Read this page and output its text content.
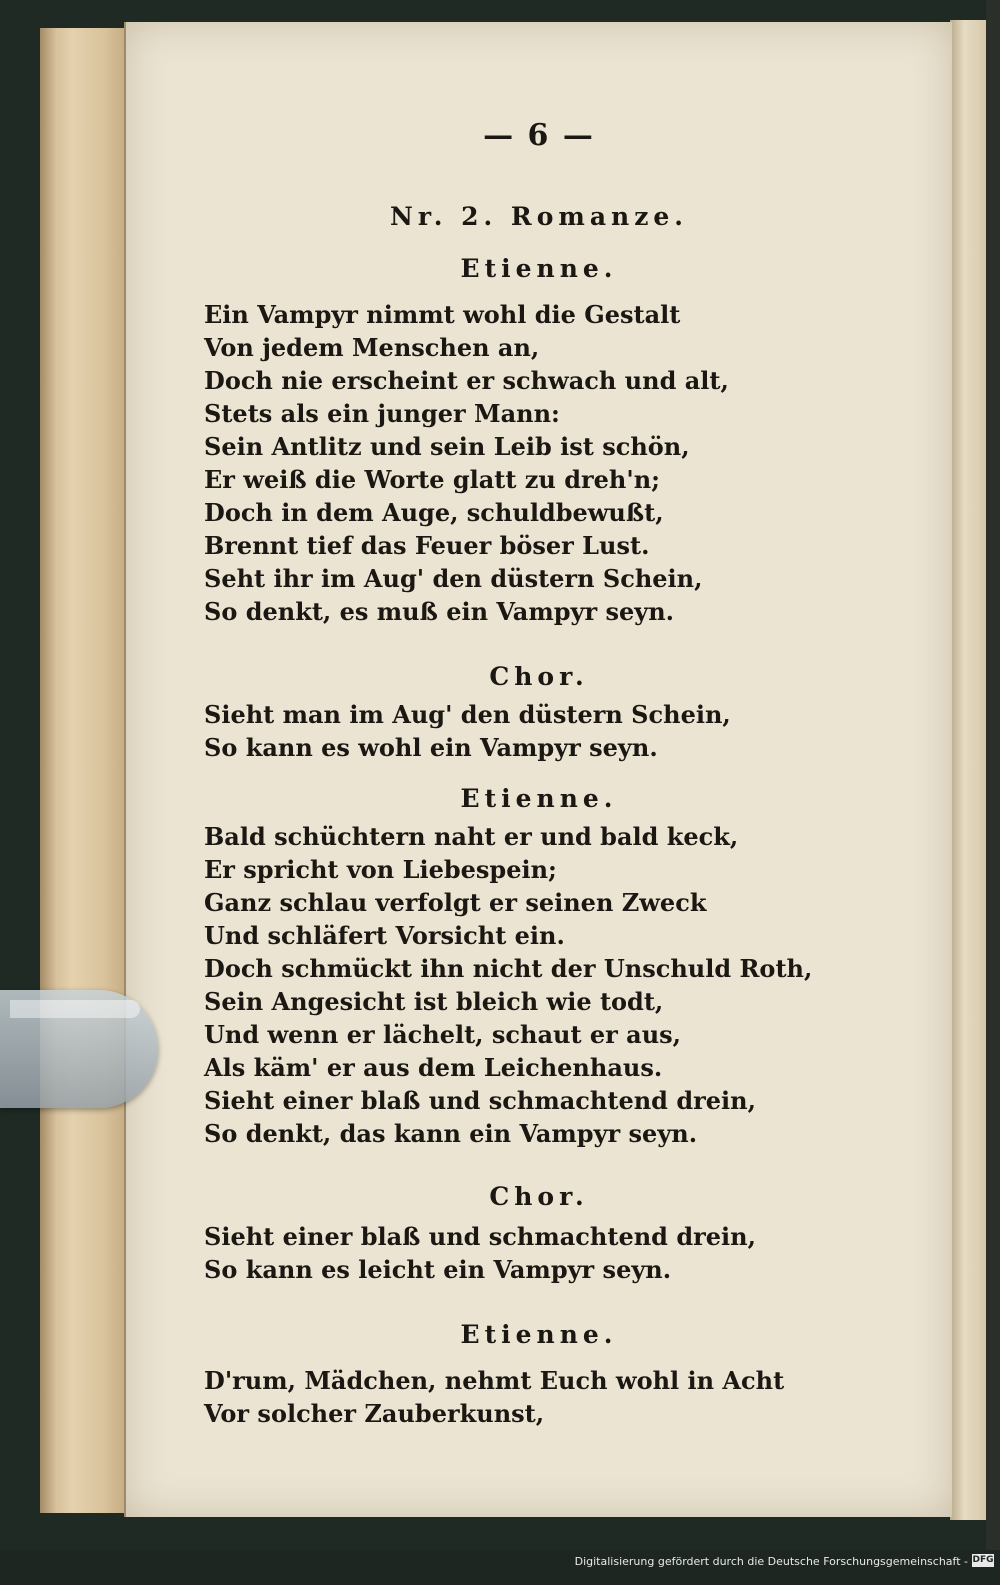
— 6 —
Nr. 2. Romanze.
Etienne.
Ein Vampyr nimmt wohl die Gestalt
Von jedem Menschen an,
Doch nie erscheint er schwach und alt,
Stets als ein junger Mann:
Sein Antlitz und sein Leib ist schön,
Er weiß die Worte glatt zu dreh'n;
Doch in dem Auge, schuldbewußt,
Brennt tief das Feuer böser Lust.
Seht ihr im Aug' den düstern Schein,
So denkt, es muß ein Vampyr seyn.
Chor.
Sieht man im Aug' den düstern Schein,
So kann es wohl ein Vampyr seyn.
Etienne.
Bald schüchtern naht er und bald keck,
Er spricht von Liebespein;
Ganz schlau verfolgt er seinen Zweck
Und schläfert Vorsicht ein.
Doch schmückt ihn nicht der Unschuld Roth,
Sein Angesicht ist bleich wie todt,
Und wenn er lächelt, schaut er aus,
Als käm' er aus dem Leichenhaus.
Sieht einer blaß und schmachtend drein,
So denkt, das kann ein Vampyr seyn.
Chor.
Sieht einer blaß und schmachtend drein,
So kann es leicht ein Vampyr seyn.
Etienne.
D'rum, Mädchen, nehmt Euch wohl in Acht
Vor solcher Zauberkunst,
Digitalisierung gefördert durch die Deutsche Forschungsgemeinschaft - DFG
